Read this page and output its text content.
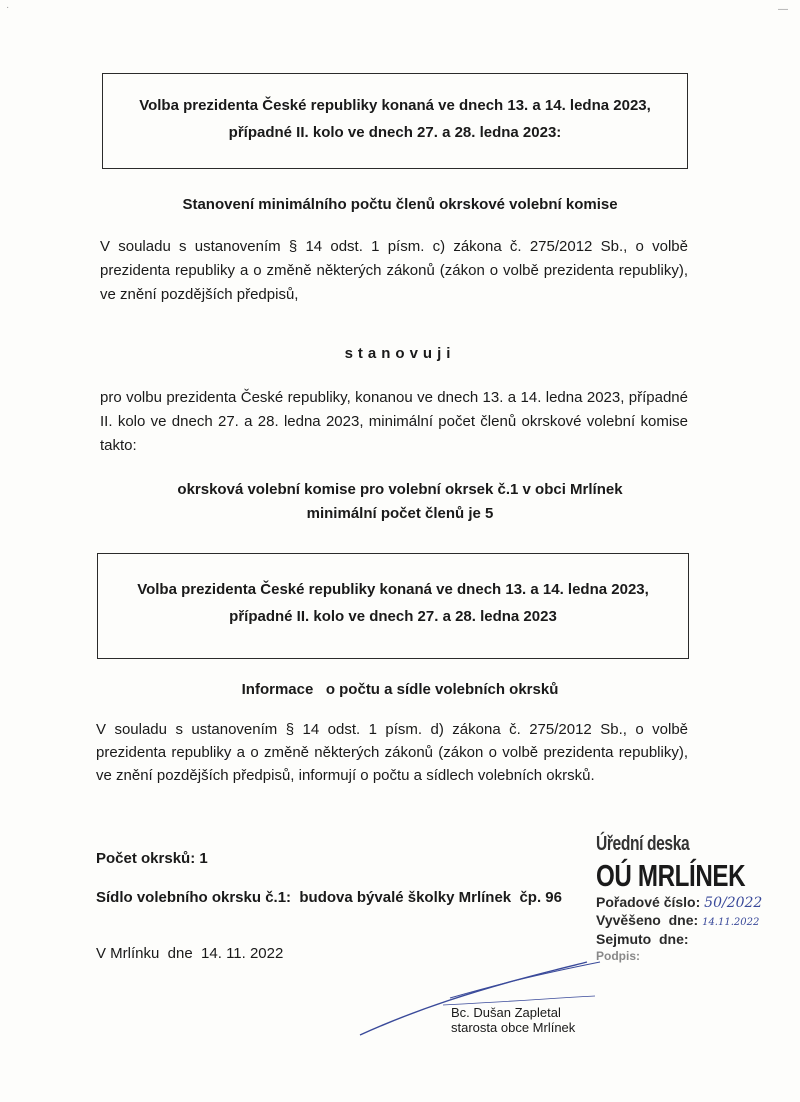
·	—
Volba prezidenta České republiky konaná ve dnech 13. a 14. ledna 2023,
případné II. kolo ve dnech 27. a 28. ledna 2023:
Stanovení minimálního počtu členů okrskové volební komise
V souladu s ustanovením § 14 odst. 1 písm. c) zákona č. 275/2012 Sb., o volbě prezidenta republiky a o změně některých zákonů (zákon o volbě prezidenta republiky), ve znění pozdějších předpisů,
stanovuji
pro volbu prezidenta České republiky, konanou ve dnech 13. a 14. ledna 2023, případné II. kolo ve dnech 27. a 28. ledna 2023, minimální počet členů okrskové volební komise takto:
okrsková volební komise pro volební okrsek č.1 v obci Mrlínek
minimální počet členů je 5
Volba prezidenta České republiky konaná ve dnech 13. a 14. ledna 2023,
případné II. kolo ve dnech 27. a 28. ledna 2023
Informace   o počtu a sídle volebních okrsků
V souladu s ustanovením § 14 odst. 1 písm. d) zákona č. 275/2012 Sb., o volbě prezidenta republiky a o změně některých zákonů (zákon o volbě prezidenta republiky), ve znění pozdějších předpisů, informují o počtu a sídlech volebních okrsků.
Počet okrsků: 1
Sídlo volebního okrsku č.1:  budova bývalé školky Mrlínek  čp. 96
V Mrlínku  dne  14. 11. 2022
Bc. Dušan Zapletal
starosta obce Mrlínek
Úřední deska
OÚ MRLÍNEK
Pořadové číslo: 50/2022
Vyvěšeno  dne: 14.11.2022
Sejmuto  dne:
Podpis:
